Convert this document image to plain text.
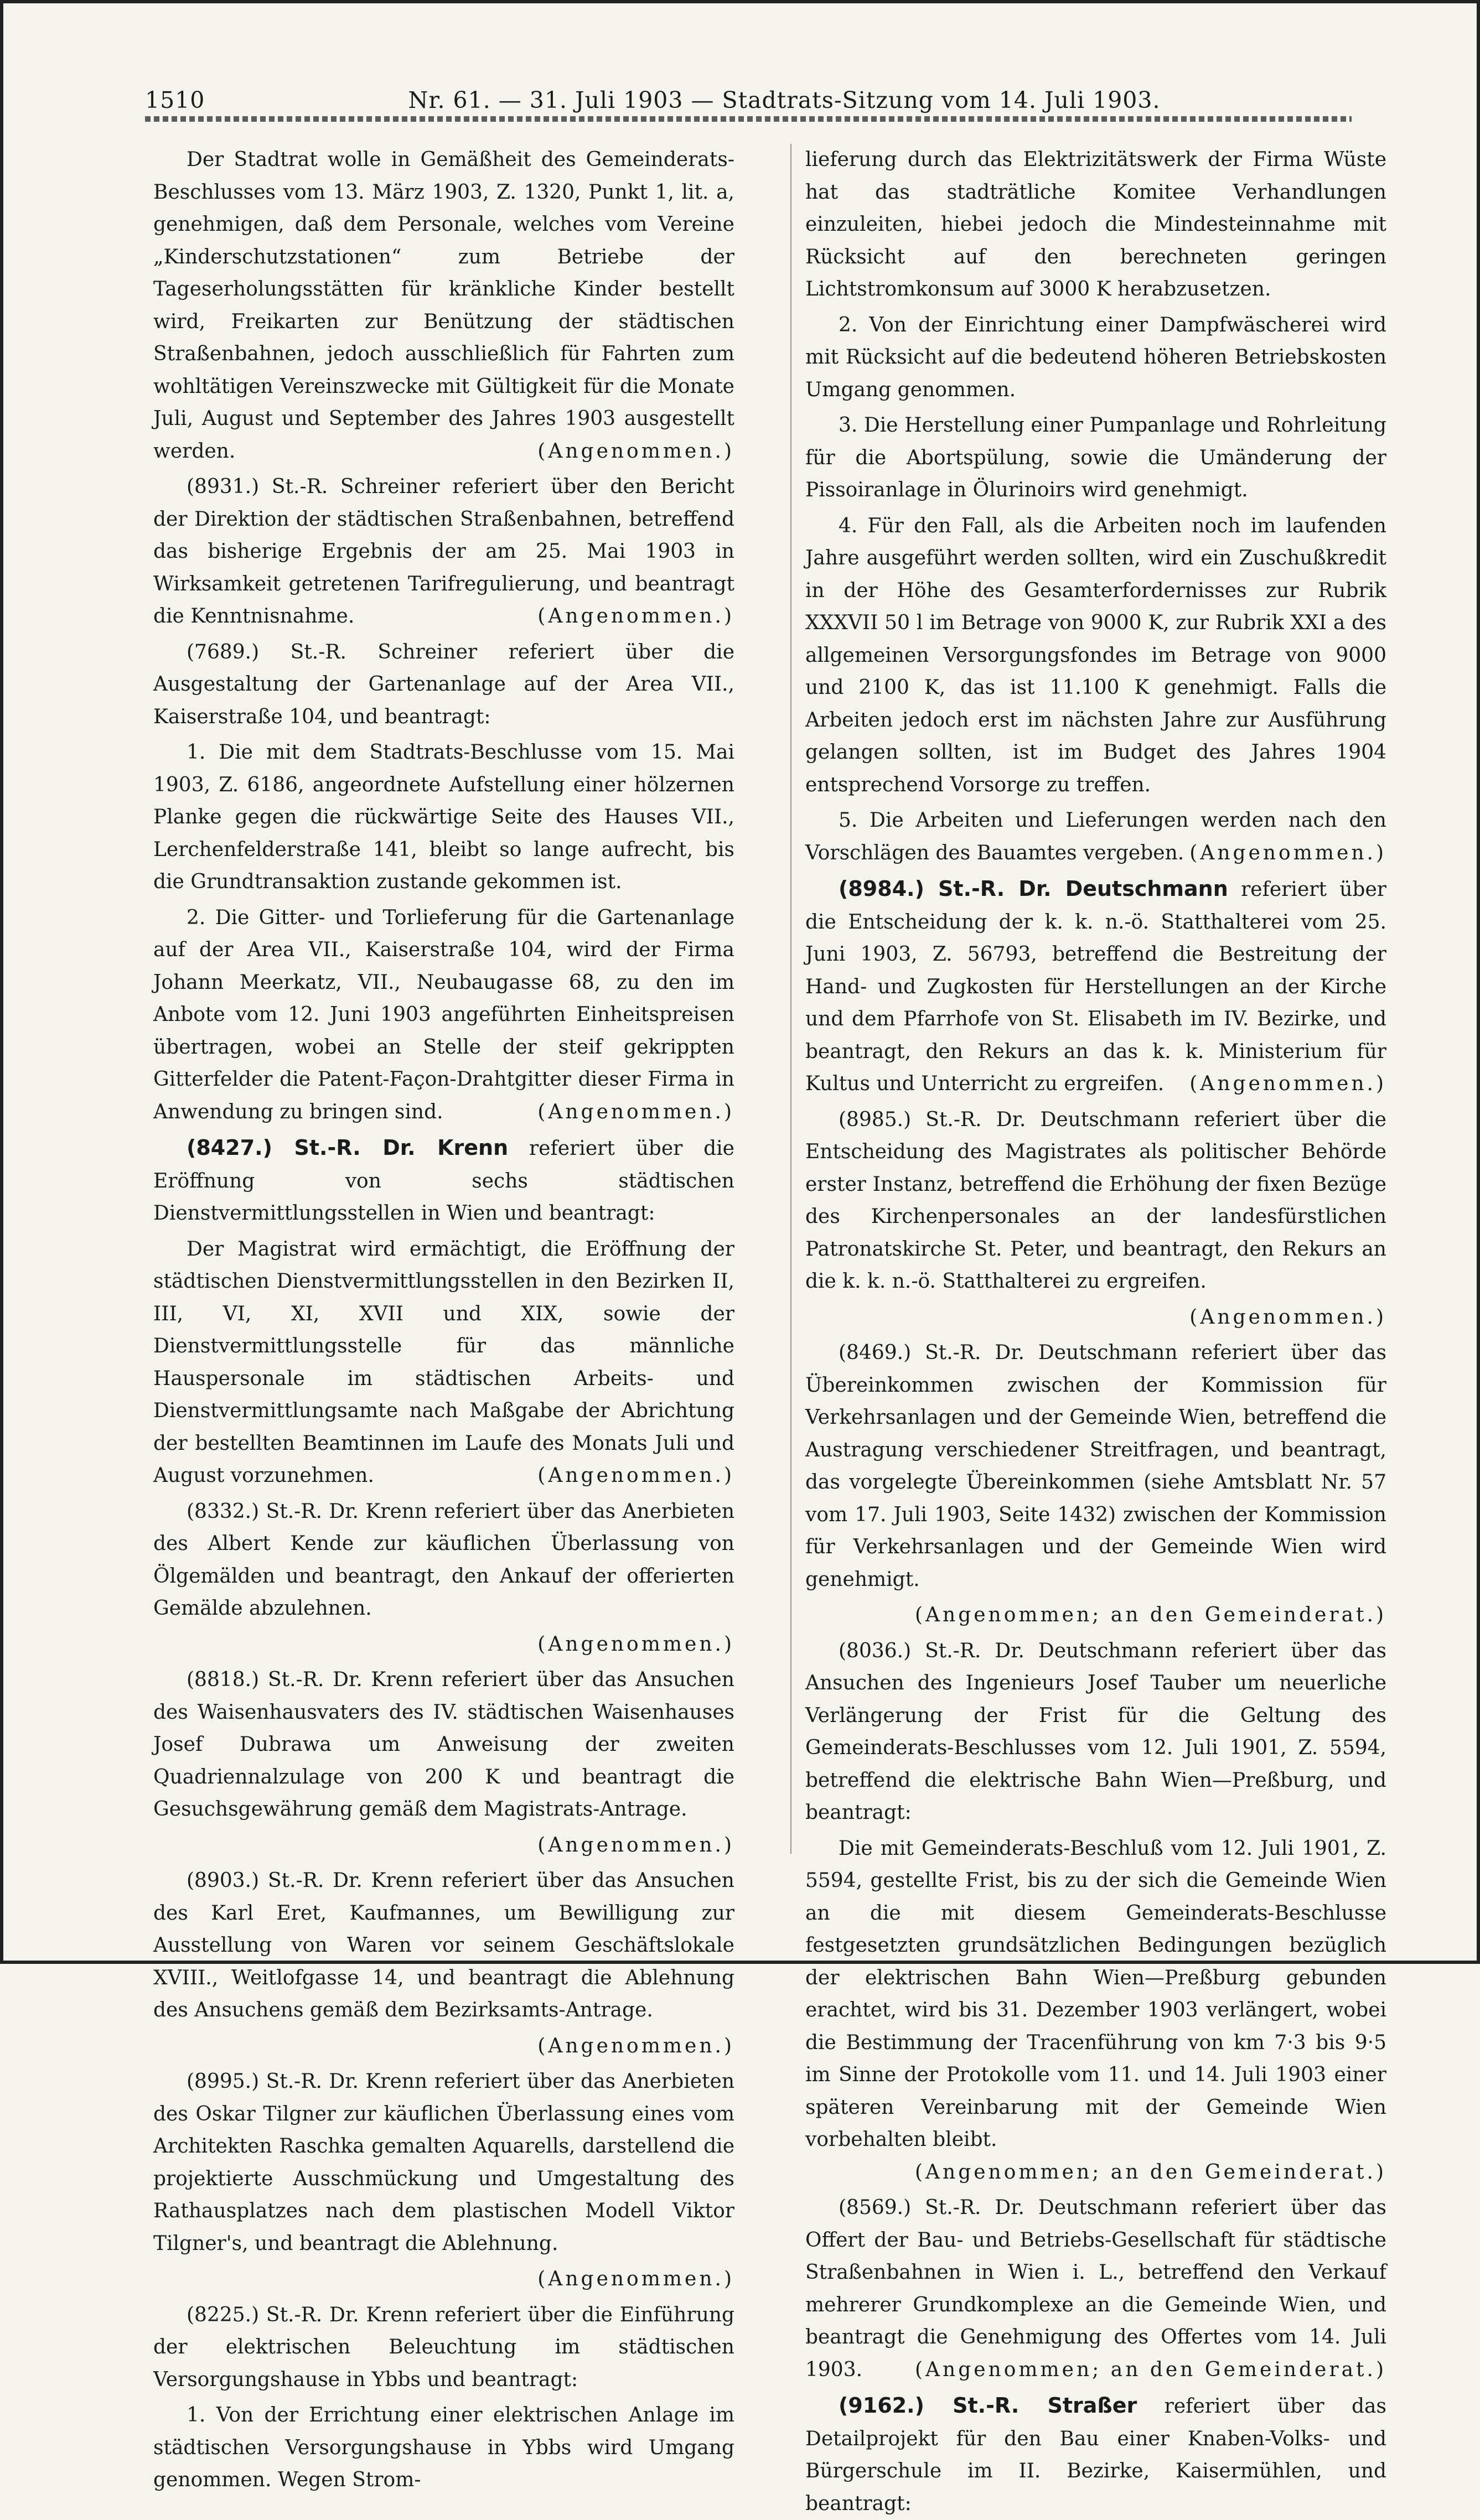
1510	Nr. 61. — 31. Juli 1903 — Stadtrats-Sitzung vom 14. Juli 1903.

Der Stadtrat wolle in Gemäßheit des Gemeinderats-Beschlusses vom 13. März 1903, Z. 1320, Punkt 1, lit. a, genehmigen, daß dem Personale, welches vom Vereine „Kinderschutzstationen“ zum Betriebe der Tageserholungsstätten für kränkliche Kinder bestellt wird, Freikarten zur Benützung der städtischen Straßenbahnen, jedoch ausschließlich für Fahrten zum wohltätigen Vereinszwecke mit Gültigkeit für die Monate Juli, August und September des Jahres 1903 ausgestellt werden.	(Angenommen.)

(8931.) St.-R. Schreiner referiert über den Bericht der Direktion der städtischen Straßenbahnen, betreffend das bisherige Ergebnis der am 25. Mai 1903 in Wirksamkeit getretenen Tarifregulierung, und beantragt die Kenntnisnahme.	(Angenommen.)

(7689.) St.-R. Schreiner referiert über die Ausgestaltung der Gartenanlage auf der Area VII., Kaiserstraße 104, und beantragt:

1. Die mit dem Stadtrats-Beschlusse vom 15. Mai 1903, Z. 6186, angeordnete Aufstellung einer hölzernen Planke gegen die rückwärtige Seite des Hauses VII., Lerchenfelderstraße 141, bleibt so lange aufrecht, bis die Grundtransaktion zustande gekommen ist.

2. Die Gitter- und Torlieferung für die Gartenanlage auf der Area VII., Kaiserstraße 104, wird der Firma Johann Meerkatz, VII., Neubaugasse 68, zu den im Anbote vom 12. Juni 1903 angeführten Einheitspreisen übertragen, wobei an Stelle der steif gekrippten Gitterfelder die Patent-Façon-Drahtgitter dieser Firma in Anwendung zu bringen sind.	(Angenommen.)

(8427.) St.-R. Dr. Krenn referiert über die Eröffnung von sechs städtischen Dienstvermittlungsstellen in Wien und beantragt:

Der Magistrat wird ermächtigt, die Eröffnung der städtischen Dienstvermittlungsstellen in den Bezirken II, III, VI, XI, XVII und XIX, sowie der Dienstvermittlungsstelle für das männliche Hauspersonale im städtischen Arbeits- und Dienstvermittlungsamte nach Maßgabe der Abrichtung der bestellten Beamtinnen im Laufe des Monats Juli und August vorzunehmen.	(Angenommen.)

(8332.) St.-R. Dr. Krenn referiert über das Anerbieten des Albert Kende zur käuflichen Überlassung von Ölgemälden und beantragt, den Ankauf der offerierten Gemälde abzulehnen.

(Angenommen.)

(8818.) St.-R. Dr. Krenn referiert über das Ansuchen des Waisenhausvaters des IV. städtischen Waisenhauses Josef Dubrawa um Anweisung der zweiten Quadriennalzulage von 200 K und beantragt die Gesuchsgewährung gemäß dem Magistrats-Antrage.

(Angenommen.)

(8903.) St.-R. Dr. Krenn referiert über das Ansuchen des Karl Eret, Kaufmannes, um Bewilligung zur Ausstellung von Waren vor seinem Geschäftslokale XVIII., Weitlofgasse 14, und beantragt die Ablehnung des Ansuchens gemäß dem Bezirksamts-Antrage.

(Angenommen.)

(8995.) St.-R. Dr. Krenn referiert über das Anerbieten des Oskar Tilgner zur käuflichen Überlassung eines vom Architekten Raschka gemalten Aquarells, darstellend die projektierte Ausschmückung und Umgestaltung des Rathausplatzes nach dem plastischen Modell Viktor Tilgner's, und beantragt die Ablehnung.

(Angenommen.)

(8225.) St.-R. Dr. Krenn referiert über die Einführung der elektrischen Beleuchtung im städtischen Versorgungshause in Ybbs und beantragt:

1. Von der Errichtung einer elektrischen Anlage im städtischen Versorgungshause in Ybbs wird Umgang genommen. Wegen Strom-

lieferung durch das Elektrizitätswerk der Firma Wüste hat das stadträtliche Komitee Verhandlungen einzuleiten, hiebei jedoch die Mindesteinnahme mit Rücksicht auf den berechneten geringen Lichtstromkonsum auf 3000 K herabzusetzen.

2. Von der Einrichtung einer Dampfwäscherei wird mit Rücksicht auf die bedeutend höheren Betriebskosten Umgang genommen.

3. Die Herstellung einer Pumpanlage und Rohrleitung für die Abortspülung, sowie die Umänderung der Pissoiranlage in Ölurinoirs wird genehmigt.

4. Für den Fall, als die Arbeiten noch im laufenden Jahre ausgeführt werden sollten, wird ein Zuschußkredit in der Höhe des Gesamterfordernisses zur Rubrik XXXVII 50 l im Betrage von 9000 K, zur Rubrik XXI a des allgemeinen Versorgungsfondes im Betrage von 9000 und 2100 K, das ist 11.100 K genehmigt. Falls die Arbeiten jedoch erst im nächsten Jahre zur Ausführung gelangen sollten, ist im Budget des Jahres 1904 entsprechend Vorsorge zu treffen.

5. Die Arbeiten und Lieferungen werden nach den Vorschlägen des Bauamtes vergeben. (Angenommen.)

(8984.) St.-R. Dr. Deutschmann referiert über die Entscheidung der k. k. n.-ö. Statthalterei vom 25. Juni 1903, Z. 56793, betreffend die Bestreitung der Hand- und Zugkosten für Herstellungen an der Kirche und dem Pfarrhofe von St. Elisabeth im IV. Bezirke, und beantragt, den Rekurs an das k. k. Ministerium für Kultus und Unterricht zu ergreifen. (Angenommen.)

(8985.) St.-R. Dr. Deutschmann referiert über die Entscheidung des Magistrates als politischer Behörde erster Instanz, betreffend die Erhöhung der fixen Bezüge des Kirchenpersonales an der landesfürstlichen Patronatskirche St. Peter, und beantragt, den Rekurs an die k. k. n.-ö. Statthalterei zu ergreifen.

(Angenommen.)

(8469.) St.-R. Dr. Deutschmann referiert über das Übereinkommen zwischen der Kommission für Verkehrsanlagen und der Gemeinde Wien, betreffend die Austragung verschiedener Streitfragen, und beantragt, das vorgelegte Übereinkommen (siehe Amtsblatt Nr. 57 vom 17. Juli 1903, Seite 1432) zwischen der Kommission für Verkehrsanlagen und der Gemeinde Wien wird genehmigt.

(Angenommen; an den Gemeinderat.)

(8036.) St.-R. Dr. Deutschmann referiert über das Ansuchen des Ingenieurs Josef Tauber um neuerliche Verlängerung der Frist für die Geltung des Gemeinderats-Beschlusses vom 12. Juli 1901, Z. 5594, betreffend die elektrische Bahn Wien—Preßburg, und beantragt:

Die mit Gemeinderats-Beschluß vom 12. Juli 1901, Z. 5594, gestellte Frist, bis zu der sich die Gemeinde Wien an die mit diesem Gemeinderats-Beschlusse festgesetzten grundsätzlichen Bedingungen bezüglich der elektrischen Bahn Wien—Preßburg gebunden erachtet, wird bis 31. Dezember 1903 verlängert, wobei die Bestimmung der Tracenführung von km 7·3 bis 9·5 im Sinne der Protokolle vom 11. und 14. Juli 1903 einer späteren Vereinbarung mit der Gemeinde Wien vorbehalten bleibt.
(Angenommen; an den Gemeinderat.)

(8569.) St.-R. Dr. Deutschmann referiert über das Offert der Bau- und Betriebs-Gesellschaft für städtische Straßenbahnen in Wien i. L., betreffend den Verkauf mehrerer Grundkomplexe an die Gemeinde Wien, und beantragt die Genehmigung des Offertes vom 14. Juli 1903.	(Angenommen; an den Gemeinderat.)

(9162.) St.-R. Straßer referiert über das Detailprojekt für den Bau einer Knaben-Volks- und Bürgerschule im II. Bezirke, Kaisermühlen, und beantragt:
